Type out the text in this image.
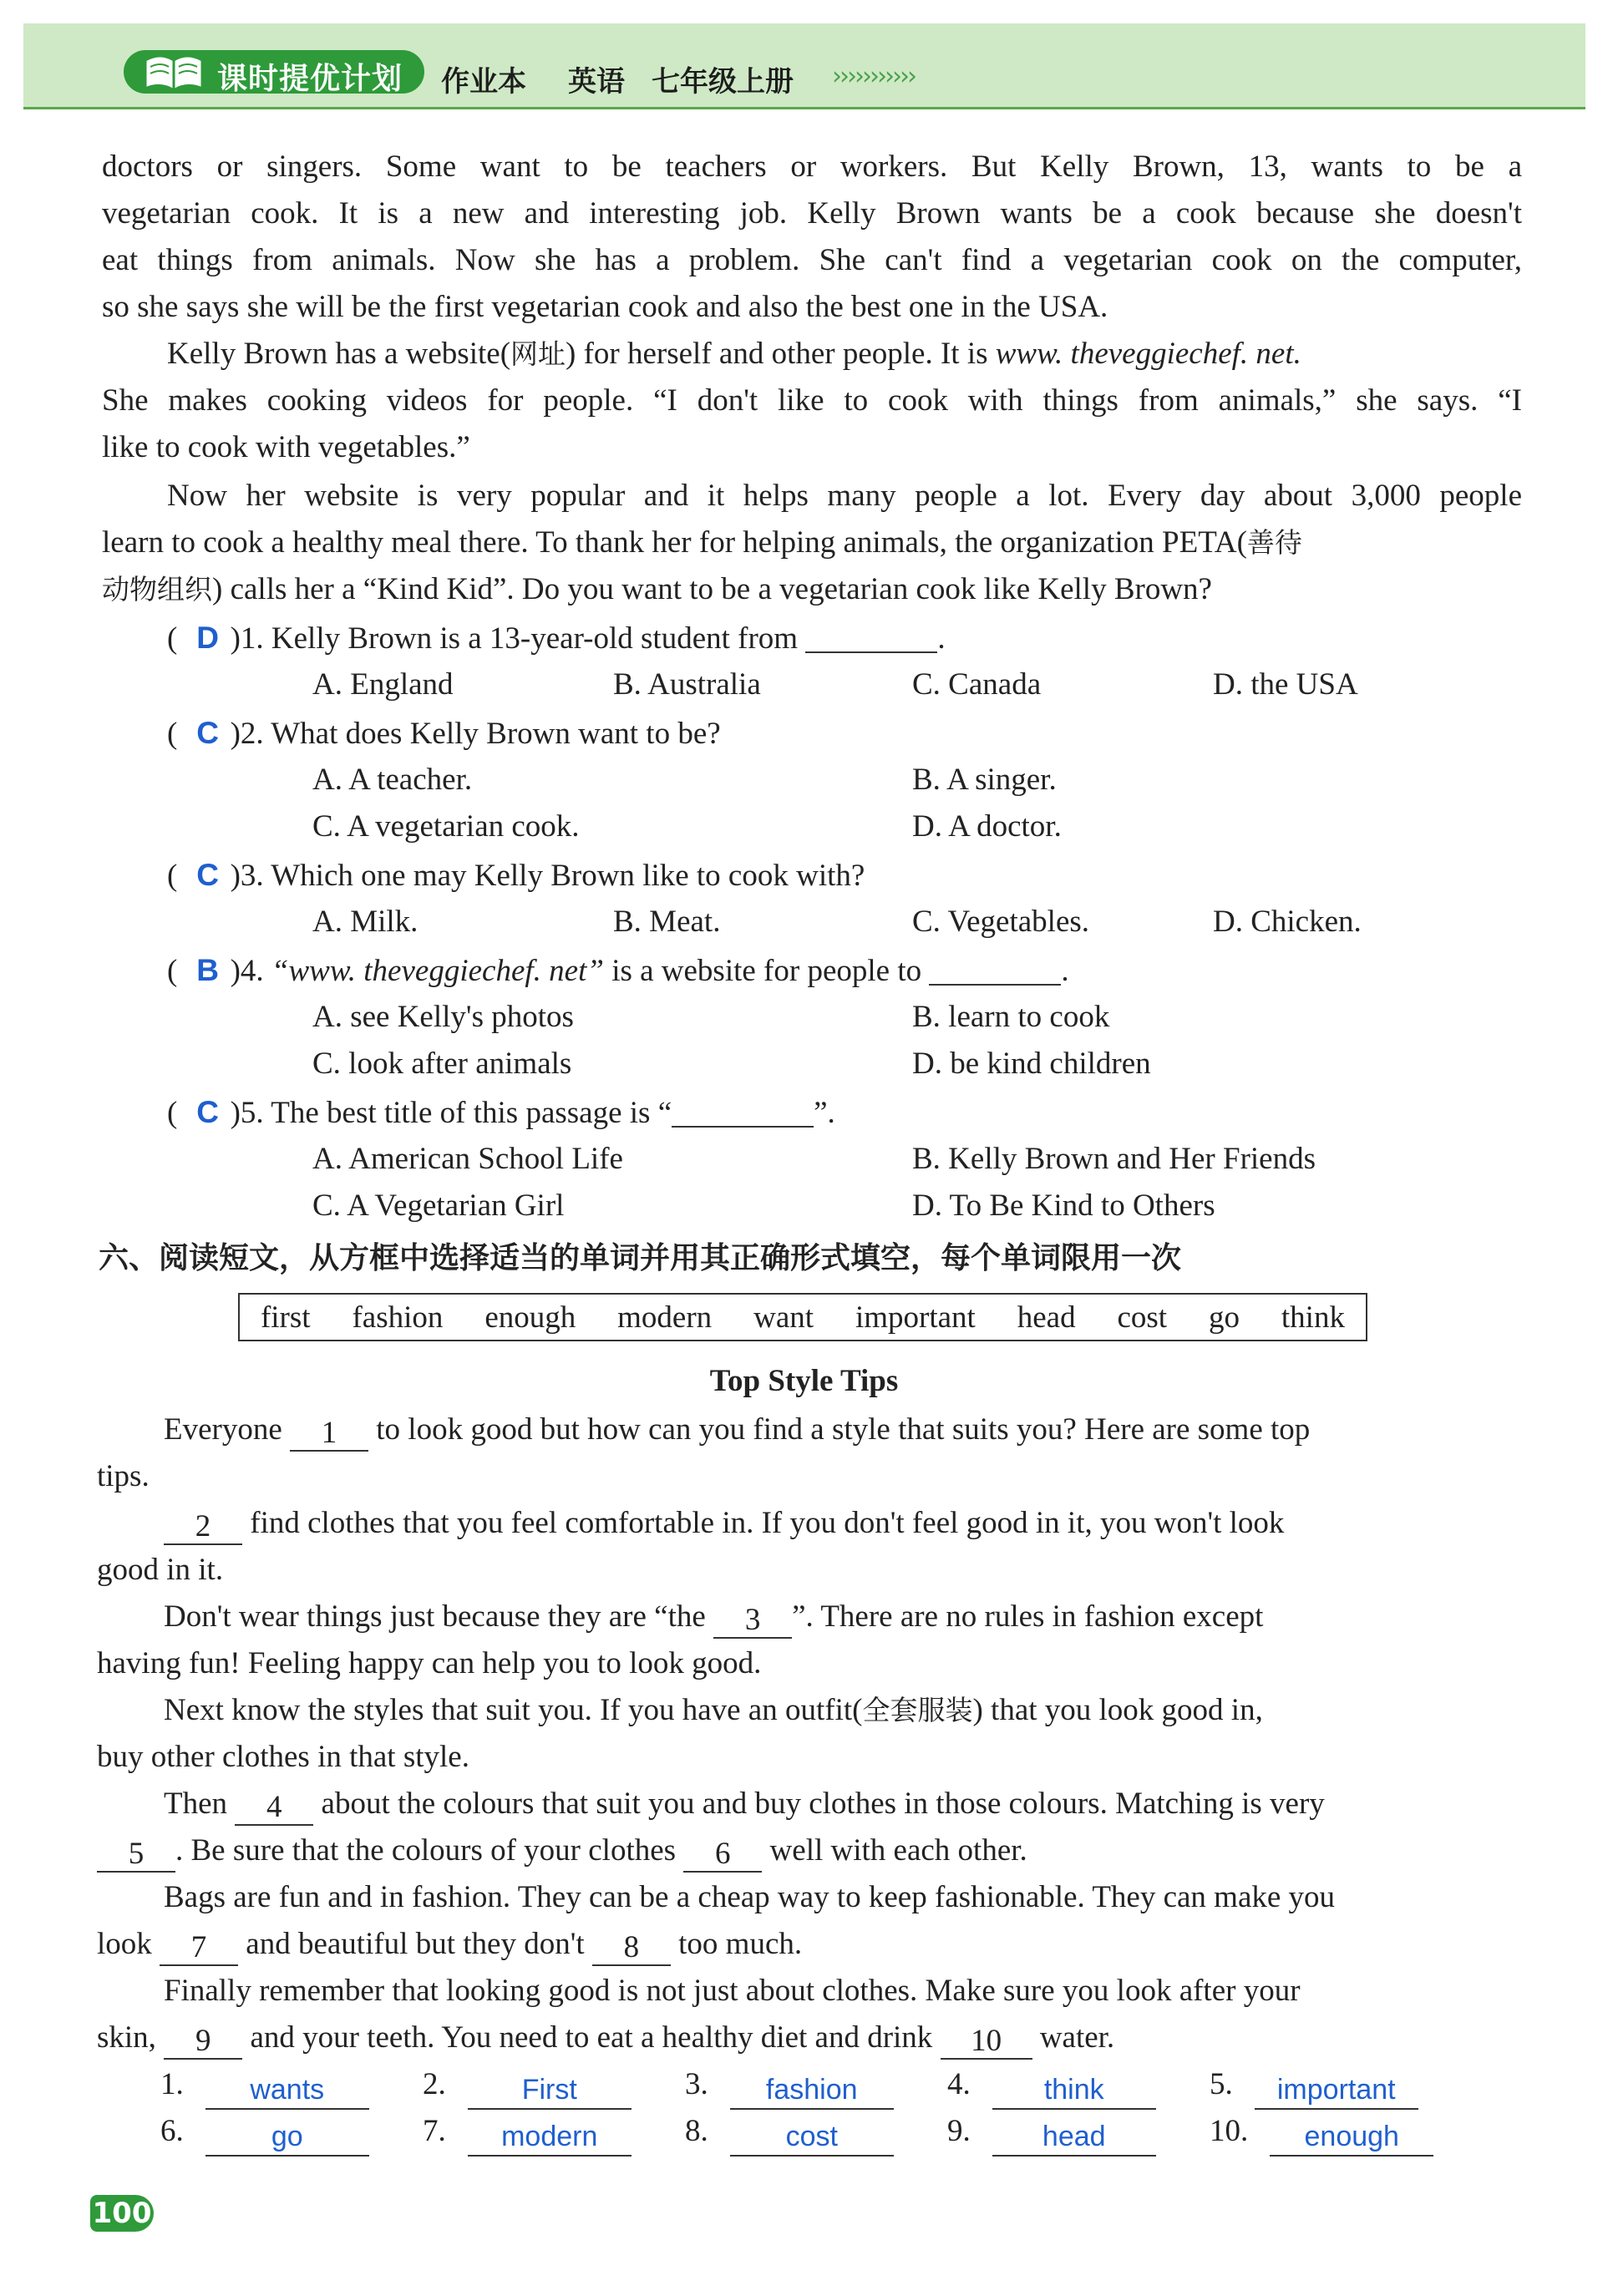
课时提优计划 作业本 英语 七年级上册 ›››››››››››
doctors or singers. Some want to be teachers or workers. But Kelly Brown, 13, wants to be a
vegetarian cook. It is a new and interesting job. Kelly Brown wants be a cook because she doesn't
eat things from animals. Now she has a problem. She can't find a vegetarian cook on the computer,
so she says she will be the first vegetarian cook and also the best one in the USA.
Kelly Brown has a website(网址) for herself and other people. It is www. theveggiechef. net.
She makes cooking videos for people. “I don't like to cook with things from animals,” she says. “I
like to cook with vegetables.”
Now her website is very popular and it helps many people a lot. Every day about 3,000 people
learn to cook a healthy meal there. To thank her for helping animals, the organization PETA(善待
动物组织) calls her a “Kind Kid”. Do you want to be a vegetarian cook like Kelly Brown?
( D )1. Kelly Brown is a 13-year-old student from	.
A. England	B. Australia	C. Canada	D. the USA
( C )2. What does Kelly Brown want to be?
A. A teacher.	B. A singer.
C. A vegetarian cook.	D. A doctor.
( C )3. Which one may Kelly Brown like to cook with?
A. Milk.	B. Meat.	C. Vegetables.	D. Chicken.
( B )4. “www. theveggiechef. net” is a website for people to	.
A. see Kelly's photos	B. learn to cook
C. look after animals	D. be kind children
( C )5. The best title of this passage is “	”.
A. American School Life	B. Kelly Brown and Her Friends
C. A Vegetarian Girl	D. To Be Kind to Others
六、阅读短文，从方框中选择适当的单词并用其正确形式填空，每个单词限用一次
first fashion enough modern want important head cost go think
Top Style Tips
Everyone 1 to look good but how can you find a style that suits you? Here are some top
tips.
2 find clothes that you feel comfortable in. If you don't feel good in it, you won't look
good in it.
Don't wear things just because they are “the 3 ”. There are no rules in fashion except
having fun! Feeling happy can help you to look good.
Next know the styles that suit you. If you have an outfit(全套服装) that you look good in,
buy other clothes in that style.
Then 4 about the colours that suit you and buy clothes in those colours. Matching is very
5 . Be sure that the colours of your clothes 6 well with each other.
Bags are fun and in fashion. They can be a cheap way to keep fashionable. They can make you
look 7 and beautiful but they don't 8 too much.
Finally remember that looking good is not just about clothes. Make sure you look after your
skin, 9 and your teeth. You need to eat a healthy diet and drink 10 water.
1. wants	2.	First	3. fashion	4.	think	5. important
6.	go	7. modern	8.	cost	9.	head	10. enough
100
